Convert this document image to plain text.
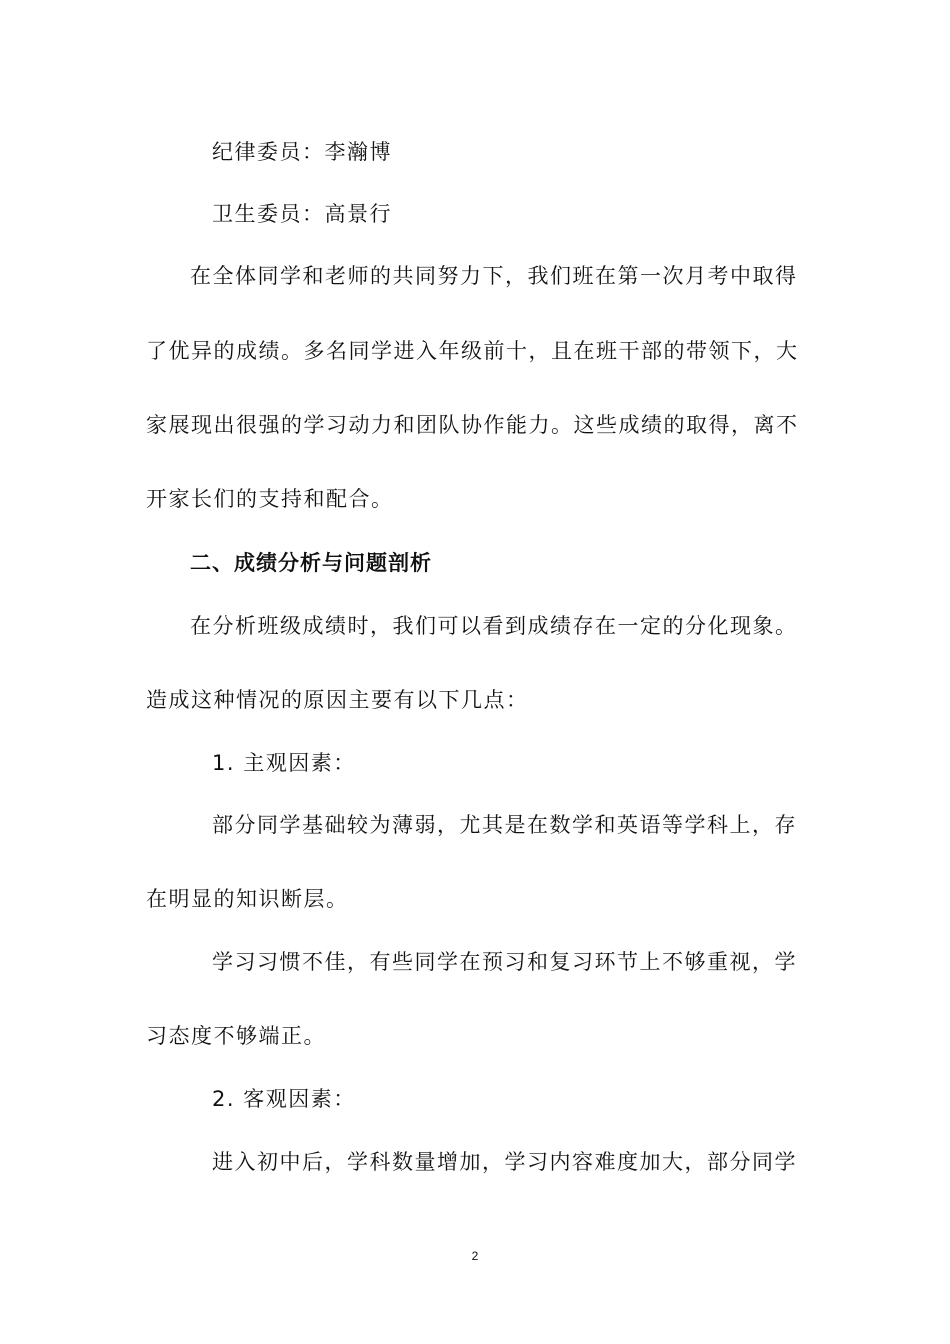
纪律委员：李瀚博
卫生委员：高景行
在全体同学和老师的共同努力下，我们班在第一次月考中取得
了优异的成绩。多名同学进入年级前十，且在班干部的带领下，大
家展现出很强的学习动力和团队协作能力。这些成绩的取得，离不
开家长们的支持和配合。
二、成绩分析与问题剖析
在分析班级成绩时，我们可以看到成绩存在一定的分化现象。
造成这种情况的原因主要有以下几点：
1. 主观因素：
部分同学基础较为薄弱，尤其是在数学和英语等学科上，存
在明显的知识断层。
学习习惯不佳，有些同学在预习和复习环节上不够重视，学
习态度不够端正。
2. 客观因素：
进入初中后，学科数量增加，学习内容难度加大，部分同学
2
